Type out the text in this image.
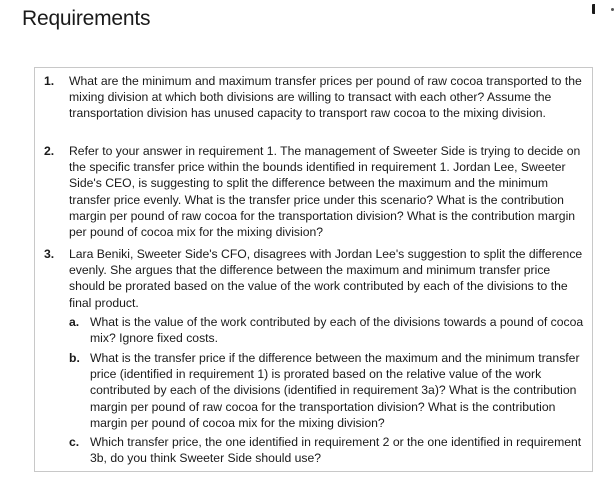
Requirements
1.	What are the minimum and maximum transfer prices per pound of raw cocoa transported to the mixing division at which both divisions are willing to transact with each other? Assume the transportation division has unused capacity to transport raw cocoa to the mixing division.
2.	Refer to your answer in requirement 1. The management of Sweeter Side is trying to decide on the specific transfer price within the bounds identified in requirement 1. Jordan Lee, Sweeter Side's CEO, is suggesting to split the difference between the maximum and the minimum transfer price evenly. What is the transfer price under this scenario? What is the contribution margin per pound of raw cocoa for the transportation division? What is the contribution margin per pound of cocoa mix for the mixing division?
3.	Lara Beniki, Sweeter Side's CFO, disagrees with Jordan Lee's suggestion to split the difference evenly. She argues that the difference between the maximum and minimum transfer price should be prorated based on the value of the work contributed by each of the divisions to the final product.
a. What is the value of the work contributed by each of the divisions towards a pound of cocoa mix? Ignore fixed costs.
b. What is the transfer price if the difference between the maximum and the minimum transfer price (identified in requirement 1) is prorated based on the relative value of the work contributed by each of the divisions (identified in requirement 3a)? What is the contribution margin per pound of raw cocoa for the transportation division? What is the contribution margin per pound of cocoa mix for the mixing division?
c. Which transfer price, the one identified in requirement 2 or the one identified in requirement 3b, do you think Sweeter Side should use?
